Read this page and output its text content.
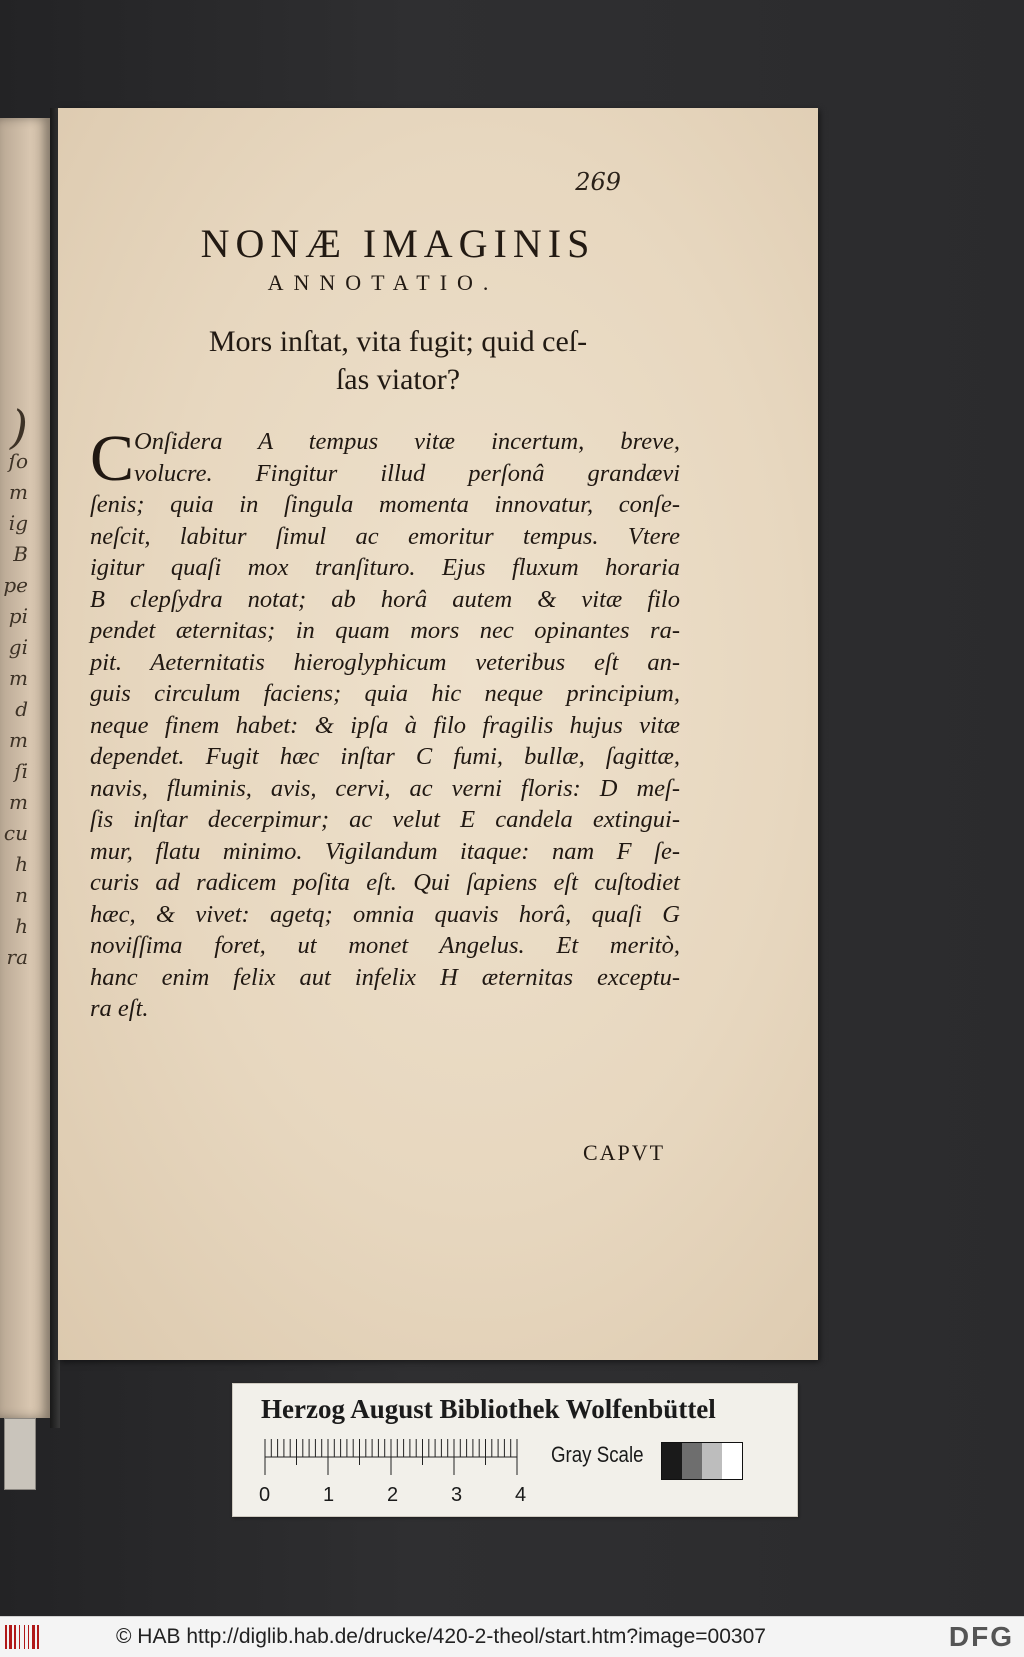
)
ſo
m
ig
B
pe
pi
gi
m
d
m
ſi
m
cu
h
n
h
ra
269
NONÆ IMAGINIS
ANNOTATIO.
Mors inſtat, vita fugit; quid ceſ-
ſas viator?
C Onſidera A tempus vitæ incertum, breve,
volucre. Fingitur illud perſonâ grandævi
ſenis; quia in ſingula momenta innovatur, conſe-
neſcit, labitur ſimul ac emoritur tempus. Vtere
igitur quaſi mox tranſituro. Ejus fluxum horaria
B clepſydra notat; ab horâ autem & vitæ filo
pendet æternitas; in quam mors nec opinantes ra-
pit. Aeternitatis hieroglyphicum veteribus eſt an-
guis circulum faciens; quia hic neque principium,
neque finem habet: & ipſa à filo fragilis hujus vitæ
dependet. Fugit hæc inſtar C fumi, bullæ, ſagittæ,
navis, fluminis, avis, cervi, ac verni floris: D meſ-
ſis inſtar decerpimur; ac velut E candela extingui-
mur, flatu minimo. Vigilandum itaque: nam F ſe-
curis ad radicem poſita eſt. Qui ſapiens eſt cuſtodiet
hæc, & vivet: agetq; omnia quavis horâ, quaſi G
noviſſima foret, ut monet Angelus. Et meritò,
hanc enim felix aut infelix H æternitas exceptu-
ra eſt.
CAPVT
Herzog August Bibliothek Wolfenbüttel
0	1	2	3	4
Gray Scale
© HAB http://diglib.hab.de/drucke/420-2-theol/start.htm?image=00307	DFG
